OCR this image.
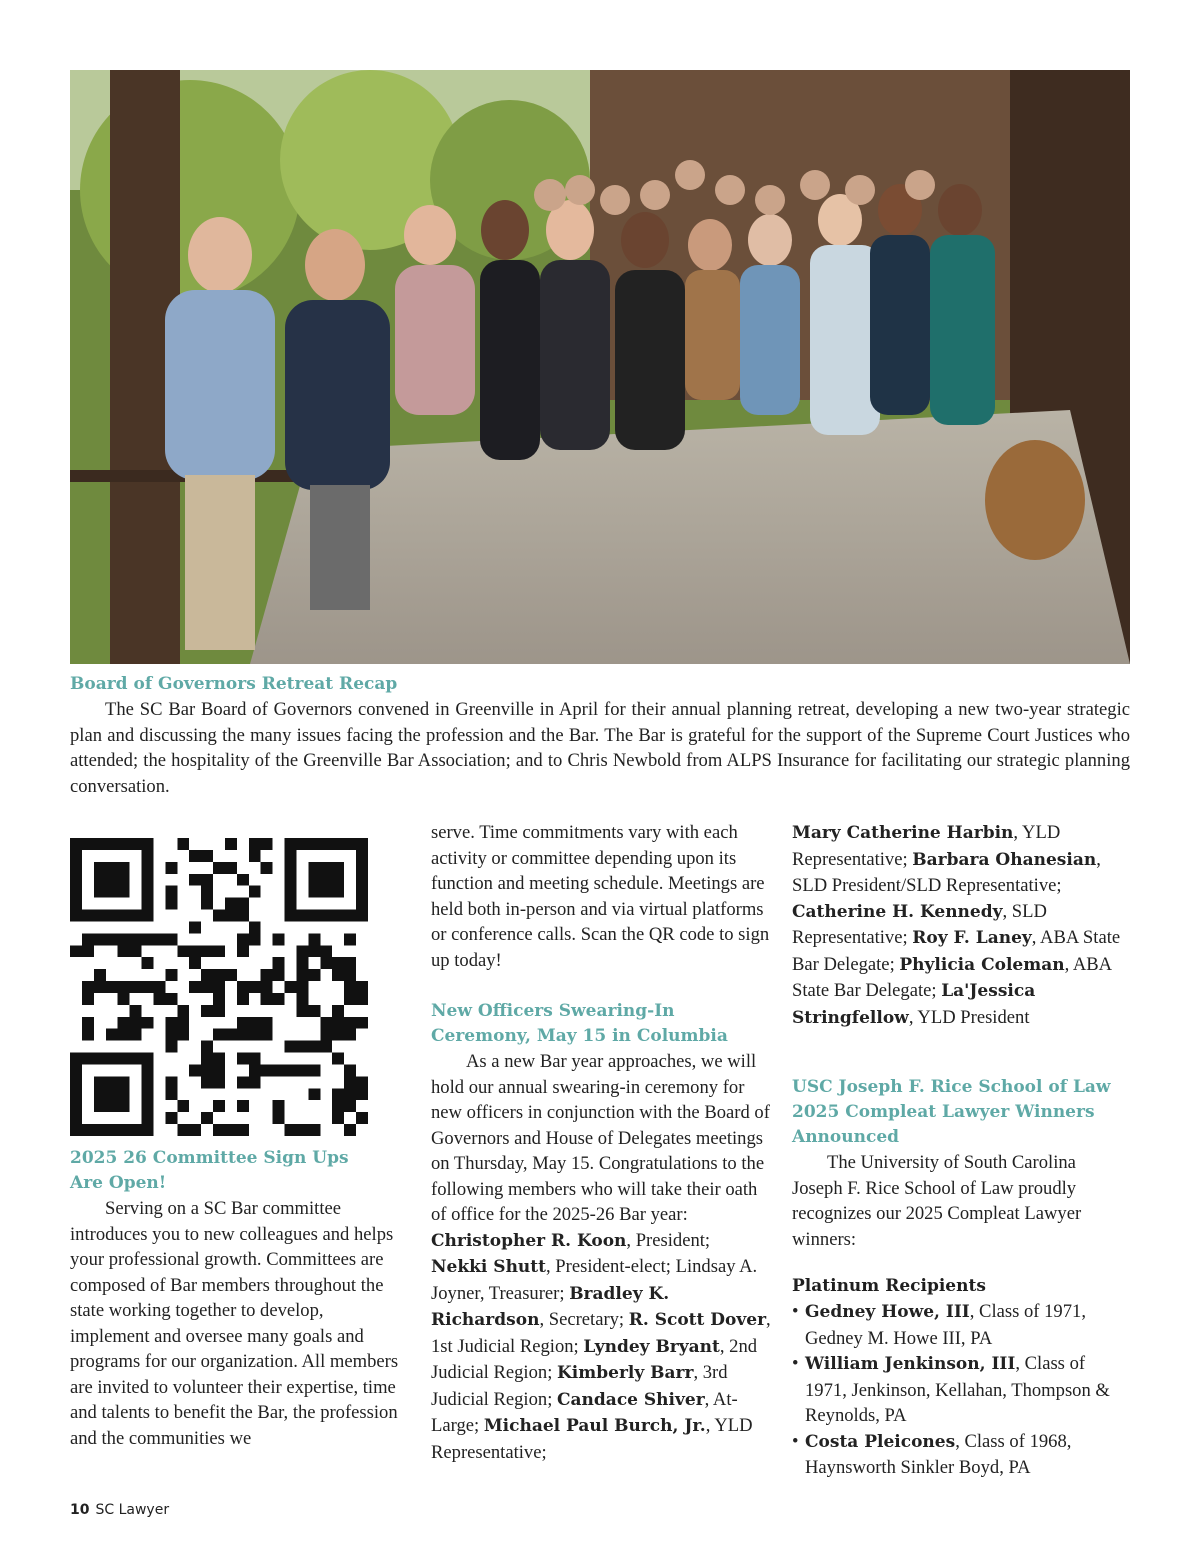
Board of Governors Retreat Recap
The SC Bar Board of Governors convened in Greenville in April for their annual planning retreat, developing a new two-year strategic plan and discussing the many issues facing the profession and the Bar. The Bar is grateful for the support of the Supreme Court Justices who attended; the hospitality of the Greenville Bar Association; and to Chris Newbold from ALPS Insurance for facilitating our strategic planning conversation.
2025 26 Committee Sign Ups
Are Open!
Serving on a SC Bar committee introduces you to new colleagues and helps your professional growth. Committees are composed of Bar members throughout the state working together to develop, implement and oversee many goals and programs for our organization. All members are invited to volunteer their expertise, time and talents to benefit the Bar, the profession and the communities we
serve. Time commitments vary with each activity or committee depending upon its function and meeting schedule. Meetings are held both in-person and via virtual platforms or conference calls. Scan the QR code to sign up today!
New Officers Swearing-In Ceremony, May 15 in Columbia
As a new Bar year approaches, we will hold our annual swearing-in ceremony for new officers in conjunction with the Board of Governors and House of Delegates meetings on Thursday, May 15. Congratulations to the following members who will take their oath of office for the 2025-26 Bar year: Christopher R. Koon, President; Nekki Shutt, President-elect; Lindsay A. Joyner, Treasurer; Bradley K. Richardson, Secretary; R. Scott Dover, 1st Judicial Region; Lyndey Bryant, 2nd Judicial Region; Kimberly Barr, 3rd Judicial Region; Candace Shiver, At-Large; Michael Paul Burch, Jr., YLD Representative;
Mary Catherine Harbin, YLD Representative; Barbara Ohanesian, SLD President/SLD Representative; Catherine H. Kennedy, SLD Representative; Roy F. Laney, ABA State Bar Delegate; Phylicia Coleman, ABA State Bar Delegate; La'Jessica Stringfellow, YLD President
USC Joseph F. Rice School of Law 2025 Compleat Lawyer Winners Announced
The University of South Carolina Joseph F. Rice School of Law proudly recognizes our 2025 Compleat Lawyer winners:
Platinum Recipients
• Gedney Howe, III, Class of 1971, Gedney M. Howe III, PA
• William Jenkinson, III, Class of 1971, Jenkinson, Kellahan, Thompson & Reynolds, PA
• Costa Pleicones, Class of 1968, Haynsworth Sinkler Boyd, PA
10 SC Lawyer
